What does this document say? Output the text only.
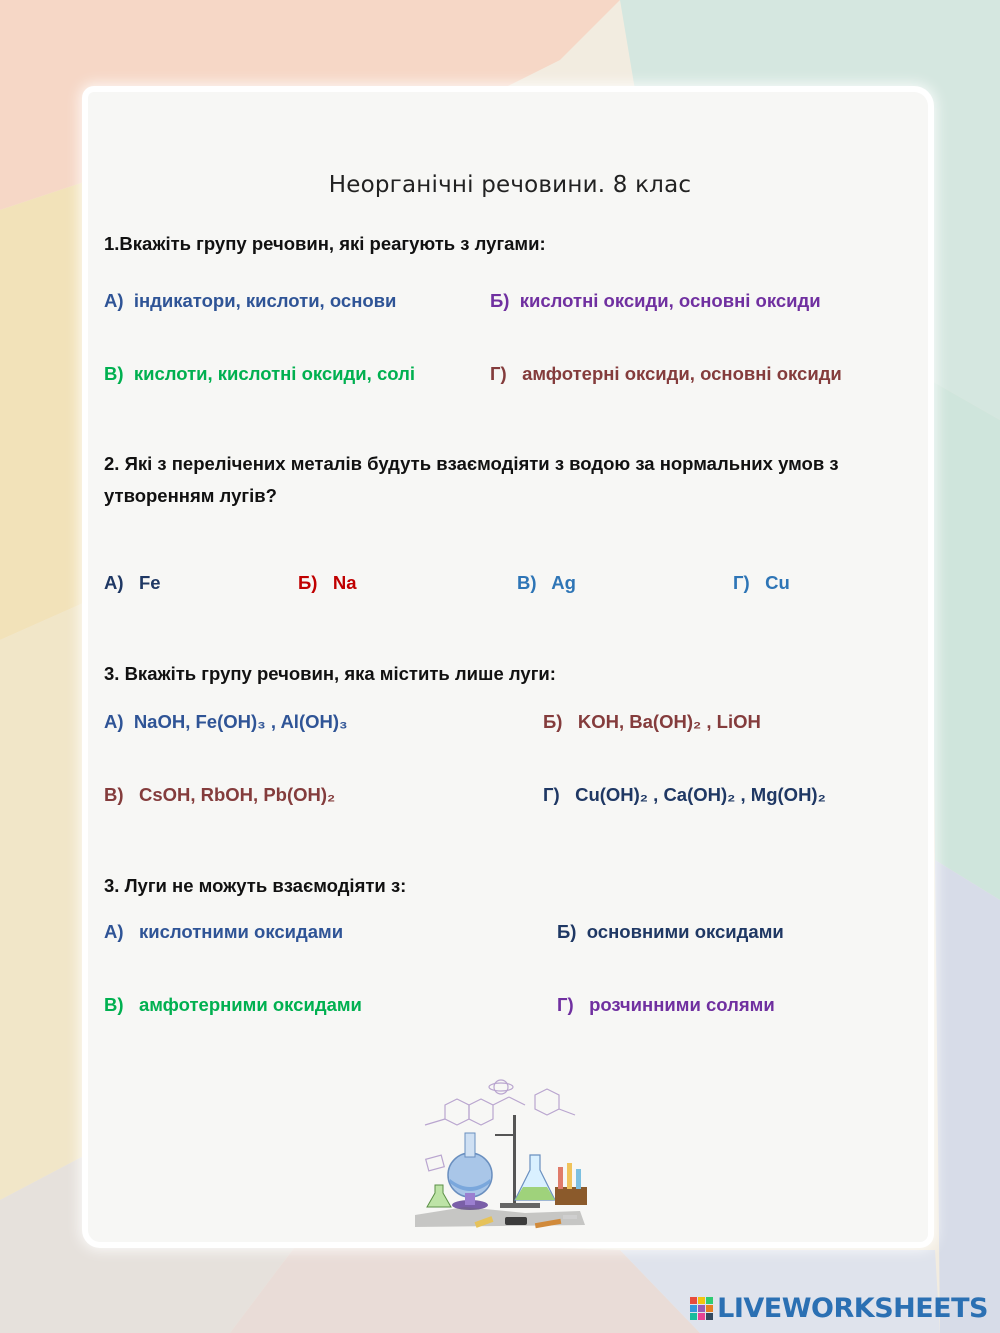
Неорганічні речовини. 8 клас
1.Вкажіть групу речовин, які реагують з лугами:
А) індикатори, кислоти, основи	Б) кислотні оксиди, основні оксиди
В) кислоти, кислотні оксиди, солі	Г) амфотерні оксиди, основні оксиди
2. Які з перелічених металів будуть взаємодіяти з водою за нормальних умов з утворенням лугів?
А) Fe	Б) Na	В) Ag	Г) Cu
3. Вкажіть групу речовин, яка містить лише луги:
А) NaOH, Fe(OH)₃ , Al(OH)₃	Б) KOH, Ba(OH)₂ , LiOH
В) CsOH, RbOH, Pb(OH)₂	Г) Cu(OH)₂ , Ca(OH)₂ , Mg(OH)₂
3. Луги не можуть взаємодіяти з:
А) кислотними оксидами	Б) основними оксидами
В) амфотерними оксидами	Г) розчинними солями
LIVEWORKSHEETS
